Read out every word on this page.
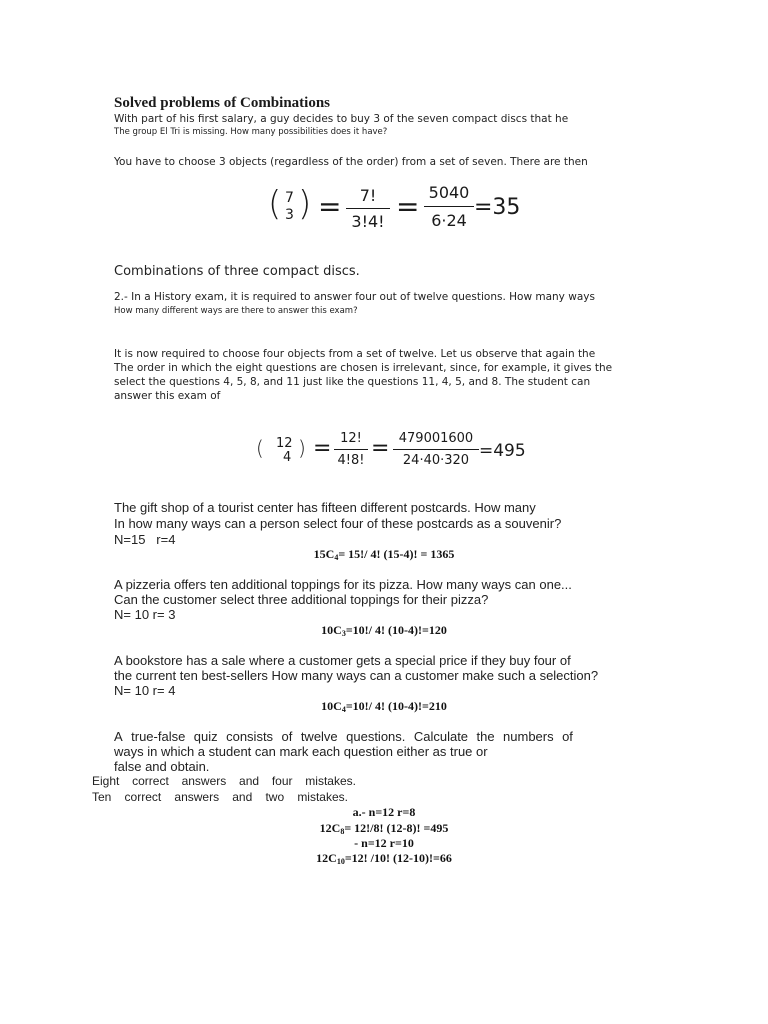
Solved problems of Combinations

With part of his first salary, a guy decides to buy 3 of the seven compact discs that he

The group El Tri is missing. How many possibilities does it have?

You have to choose 3 objects (regardless of the order) from a set of seven. There are then

( 7
3 ) =	7!
3!4! = 5040
6·24
=35

Combinations of three compact discs.

2.- In a History exam, it is required to answer four out of twelve questions. How many ways

How many different ways are there to answer this exam?

It is now required to choose four objects from a set of twelve. Let us observe that again the

The order in which the eight questions are chosen is irrelevant, since, for example, it gives the

select the questions 4, 5, 8, and 11 just like the questions 11, 4, 5, and 8. The student can

answer this exam of

( 12
4 ) = 12!
4!8! = 479001600
24·40·320 =495

The gift shop of a tourist center has fifteen different postcards. How many

In how many ways can a person select four of these postcards as a souvenir?

N=15   r=4

$15C_4= 15!/$ 4! (15-4)! = 1365

A pizzeria offers ten additional toppings for its pizza. How many ways can one...

Can the customer select three additional toppings for their pizza?

N= 10 r= 3

$10C_3=10!/$ 4! (10-4)!=120

A bookstore has a sale where a customer gets a special price if they buy four of

the current ten best-sellers How many ways can a customer make such a selection?

N= 10 r= 4

$10C_4=10!/$ 4! (10-4)!=210

A true-false quiz consists of twelve questions. Calculate the numbers of

ways in which a student can mark each question either as true or

false and obtain.

Eight correct answers and four mistakes.
Ten correct answers and two mistakes.

a.- n=12 r=8

$12C_8= 12!/8$! (12-8)! =495

- n=12 r=10

$12C_{10}=12$! /10! (12-10)!=66
